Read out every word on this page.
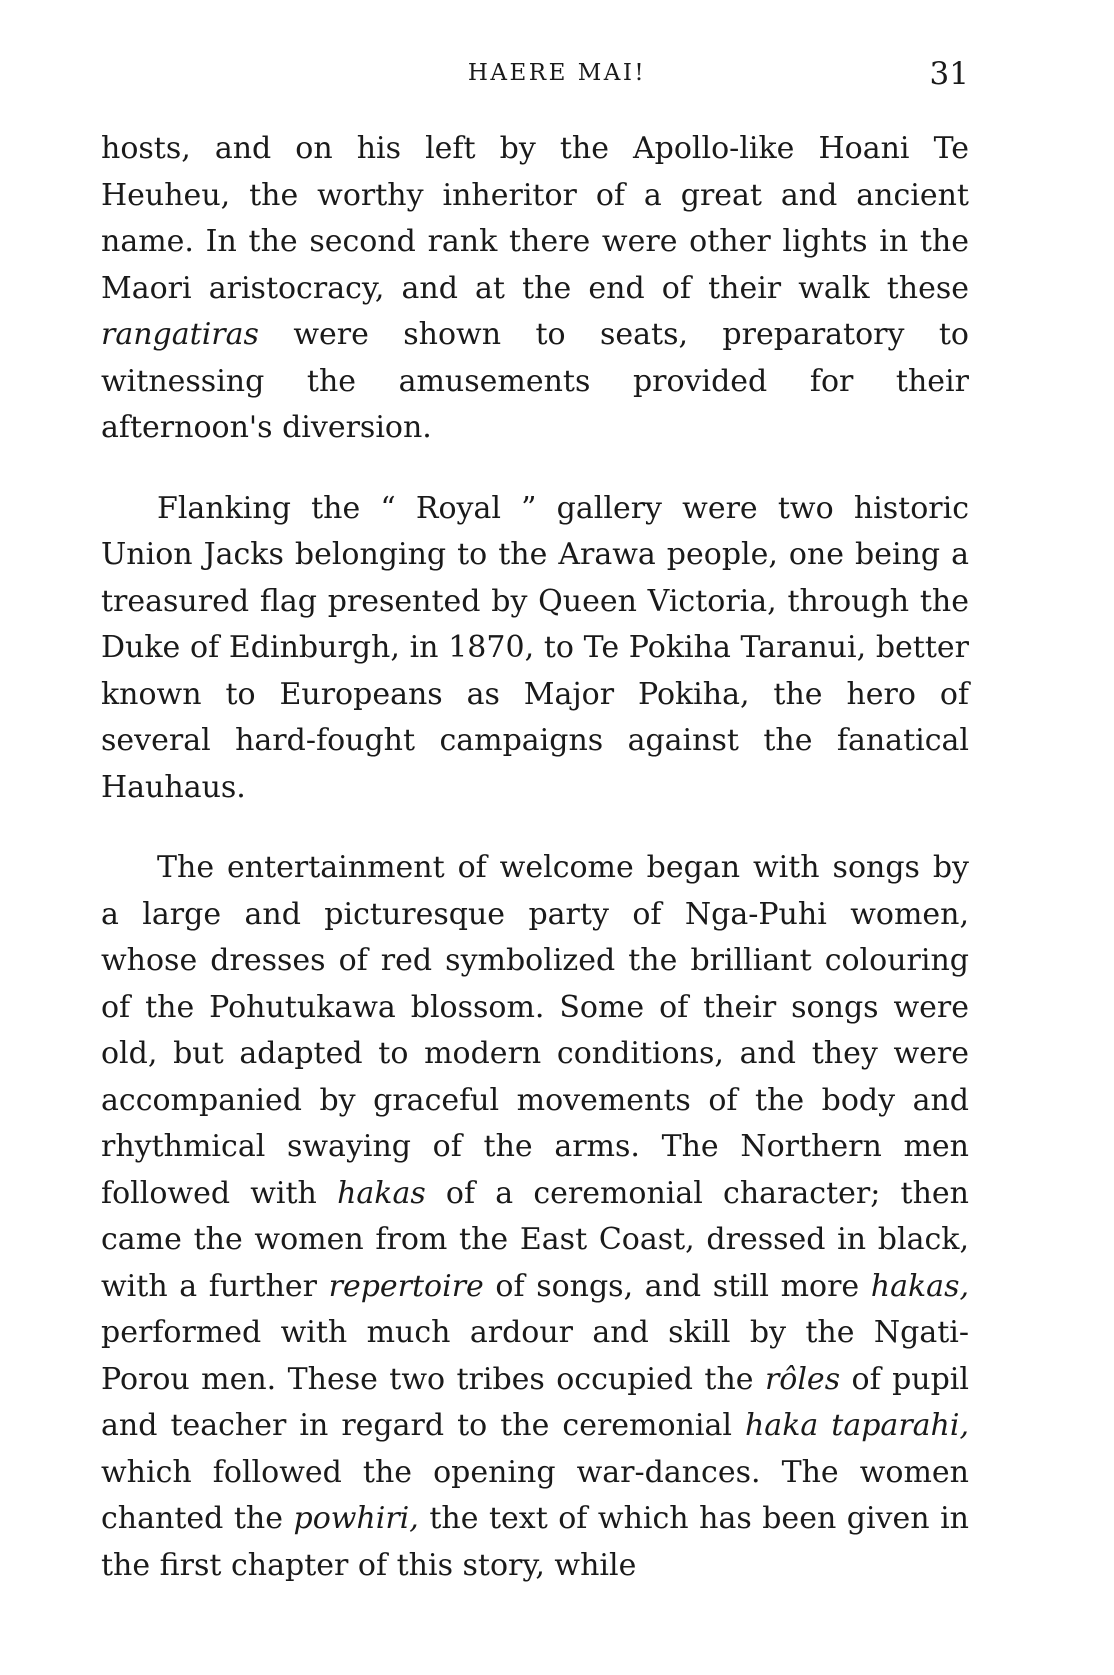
HAERE MAI!	31

hosts, and on his left by the Apollo-like Hoani Te Heuheu, the worthy inheritor of a great and ancient name. In the second rank there were other lights in the Maori aristocracy, and at the end of their walk these rangatiras were shown to seats, preparatory to witnessing the amusements provided for their afternoon's diversion.

Flanking the “ Royal ” gallery were two historic Union Jacks belonging to the Arawa people, one being a treasured flag presented by Queen Victoria, through the Duke of Edinburgh, in 1870, to Te Pokiha Taranui, better known to Europeans as Major Pokiha, the hero of several hard-fought campaigns against the fanatical Hauhaus.

The entertainment of welcome began with songs by a large and picturesque party of Nga-Puhi women, whose dresses of red symbolized the brilliant colouring of the Pohutukawa blossom. Some of their songs were old, but adapted to modern conditions, and they were accompanied by graceful movements of the body and rhythmical swaying of the arms. The Northern men followed with hakas of a ceremonial character; then came the women from the East Coast, dressed in black, with a further repertoire of songs, and still more hakas, performed with much ardour and skill by the Ngati-Porou men. These two tribes occupied the rôles of pupil and teacher in regard to the ceremonial haka taparahi, which followed the opening war-dances. The women chanted the powhiri, the text of which has been given in the first chapter of this story, while
